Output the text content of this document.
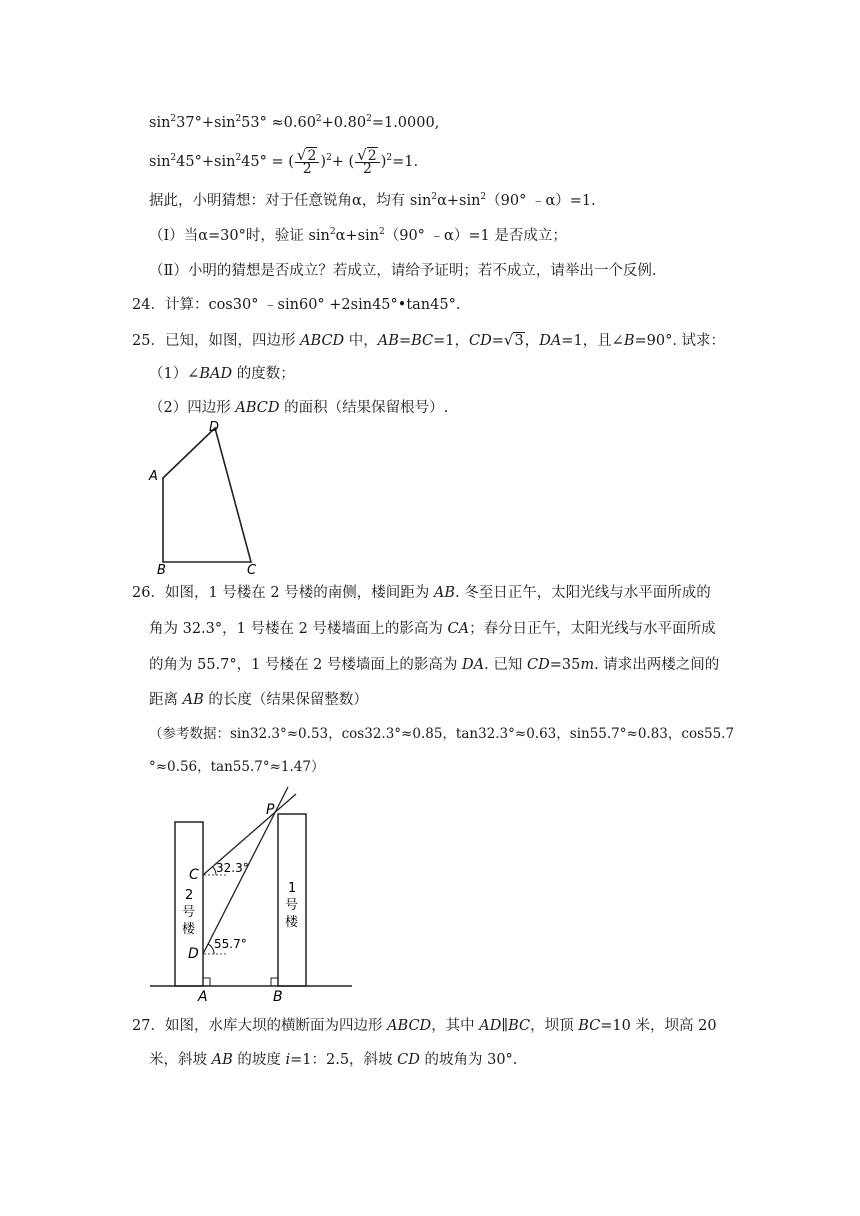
$\sin^237^\circ+\sin^253^\circ \approx 0.60^2+0.80^2=1.0000$,
$\sin^245^\circ+\sin^245^\circ$ = ( $\frac{√2}{2} )^2+$ ( $\frac{√2}{2} )^2=1$.
据此，小明猜想：对于任意锐角α，均有 $\sin^2\alpha+\sin^2(90^\circ$ ﹣α）=1.
（Ⅰ）当α=30°时，验证 $\sin^2\alpha+\sin^2(90^\circ$ ﹣α）=1 是否成立；
（Ⅱ）小明的猜想是否成立？若成立，请给予证明；若不成立，请举出一个反例.
24．计算：cos30° ﹣sin60° +2sin45°•tan45°.
25．已知，如图，四边形 ABCD 中，AB=BC=1，CD=√3，DA=1，且∠B=90°. 试求：
（1）∠BAD 的度数；
（2）四边形 ABCD 的面积（结果保留根号）.
D
A
B	C
26．如图，1 号楼在 2 号楼的南侧，楼间距为 AB. 冬至日正午，太阳光线与水平面所成的
角为 32.3°，1 号楼在 2 号楼墙面上的影高为 CA；春分日正午，太阳光线与水平面所成
的角为 55.7°，1 号楼在 2 号楼墙面上的影高为 DA. 已知 CD=35m. 请求出两楼之间的
距离 AB 的长度（结果保留整数）
（参考数据：sin32.3°≈0.53，cos32.3°≈0.85，tan32.3°≈0.63，sin55.7°≈0.83，cos55.7
°≈0.56，tan55.7°≈1.47）
P
C
D
A	B
32.3°
55.7°
2
号
楼
1
号
楼
27．如图，水库大坝的横断面为四边形 ABCD，其中 AD∥BC，坝顶 BC=10 米，坝高 20
米，斜坡 AB 的坡度 i=1：2.5，斜坡 CD 的坡角为 30°.
